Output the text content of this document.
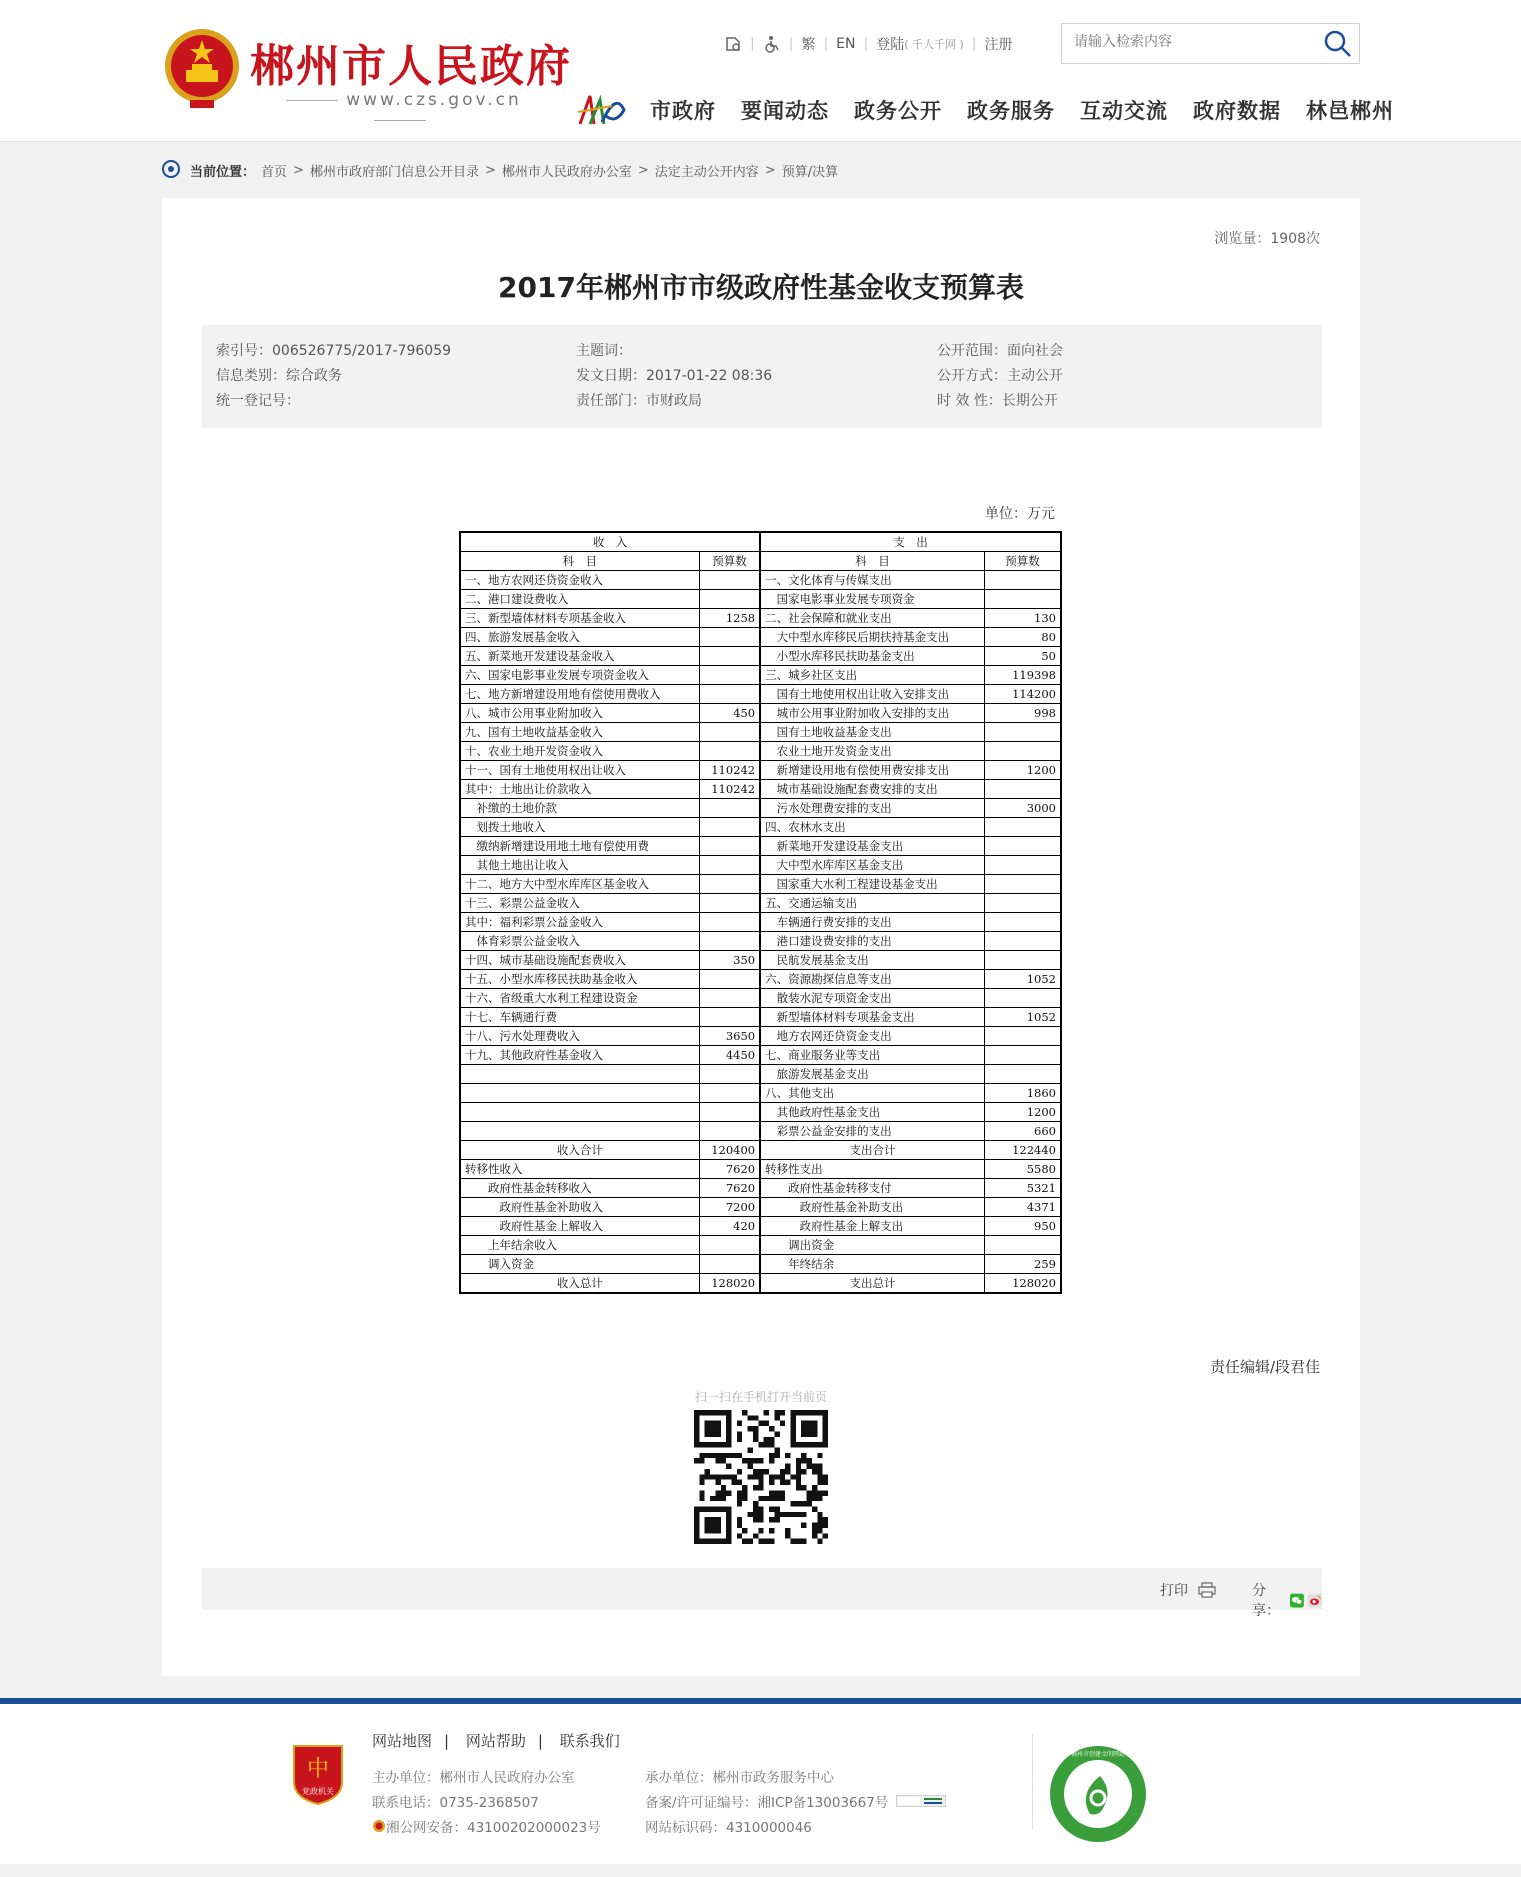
郴州市人民政府
www.czs.gov.cn
| | 繁 | EN | 登陆 ( 千人千网 ) | 注册
请输入检索内容
市政府 要闻动态 政务公开 政务服务 互动交流 政府数据 林邑郴州
当前位置： 首页 > 郴州市政府部门信息公开目录 > 郴州市人民政府办公室 > 法定主动公开内容 > 预算/决算
浏览量：1908次
2017年郴州市市级政府性基金收支预算表
索引号：006526775/2017-796059	主题词：	公开范围：面向社会
信息类别：综合政务	发文日期：2017-01-22 08:36	公开方式：主动公开
统一登记号：	责任部门：市财政局	时 效 性：长期公开
单位：万元
收　入		支　出	
科　目	预算数	科　目	预算数
一、地方农网还贷资金收入		一、文化体育与传媒支出	
二、港口建设费收入		　国家电影事业发展专项资金	
三、新型墙体材料专项基金收入	1258	二、社会保障和就业支出	130
四、旅游发展基金收入		　大中型水库移民后期扶持基金支出	80
五、新菜地开发建设基金收入		　小型水库移民扶助基金支出	50
六、国家电影事业发展专项资金收入		三、城乡社区支出	119398
七、地方新增建设用地有偿使用费收入		　国有土地使用权出让收入安排支出	114200
八、城市公用事业附加收入	450	　城市公用事业附加收入安排的支出	998
九、国有土地收益基金收入		　国有土地收益基金支出	
十、农业土地开发资金收入		　农业土地开发资金支出	
十一、国有土地使用权出让收入	110242	　新增建设用地有偿使用费安排支出	1200
其中：土地出让价款收入	110242	　城市基础设施配套费安排的支出	
　补缴的土地价款		　污水处理费安排的支出	3000
　划拨土地收入		四、农林水支出	
　缴纳新增建设用地土地有偿使用费		　新菜地开发建设基金支出	
　其他土地出让收入		　大中型水库库区基金支出	
十二、地方大中型水库库区基金收入		　国家重大水利工程建设基金支出	
十三、彩票公益金收入		五、交通运输支出	
其中：福利彩票公益金收入		　车辆通行费安排的支出	
　体育彩票公益金收入		　港口建设费安排的支出	
十四、城市基础设施配套费收入	350	　民航发展基金支出	
十五、小型水库移民扶助基金收入		六、资源勘探信息等支出	1052
十六、省级重大水利工程建设资金		　散装水泥专项资金支出	
十七、车辆通行费		　新型墙体材料专项基金支出	1052
十八、污水处理费收入	3650	　地方农网还贷资金支出	
十九、其他政府性基金收入	4450	七、商业服务业等支出	
		　旅游发展基金支出	
		八、其他支出	1860
		　其他政府性基金支出	1200
		　彩票公益金安排的支出	660
收入合计	120400	支出合计	122440
转移性收入	7620	转移性支出	5580
　　政府性基金转移收入	7620	　　政府性基金转移支付	5321
　　　政府性基金补助收入	7200	　　　政府性基金补助支出	4371
　　　政府性基金上解收入	420	　　　政府性基金上解支出	950
　　上年结余收入		　　调出资金	
　　调入资金		　　年终结余	259
收入总计	128020	支出总计	128020
责任编辑/段君佳
扫一扫在手机打开当前页
打印	分享：
中
党政机关
网站地图 | 网站帮助 | 联系我们
主办单位：郴州市人民政府办公室
联系电话：0735-2368507
湘公网安备：43100202000023号
承办单位：郴州市政务服务中心
备案/许可证编号：湘ICP备13003667号
网站标识码：4310000046
郴州市创建文明网站
